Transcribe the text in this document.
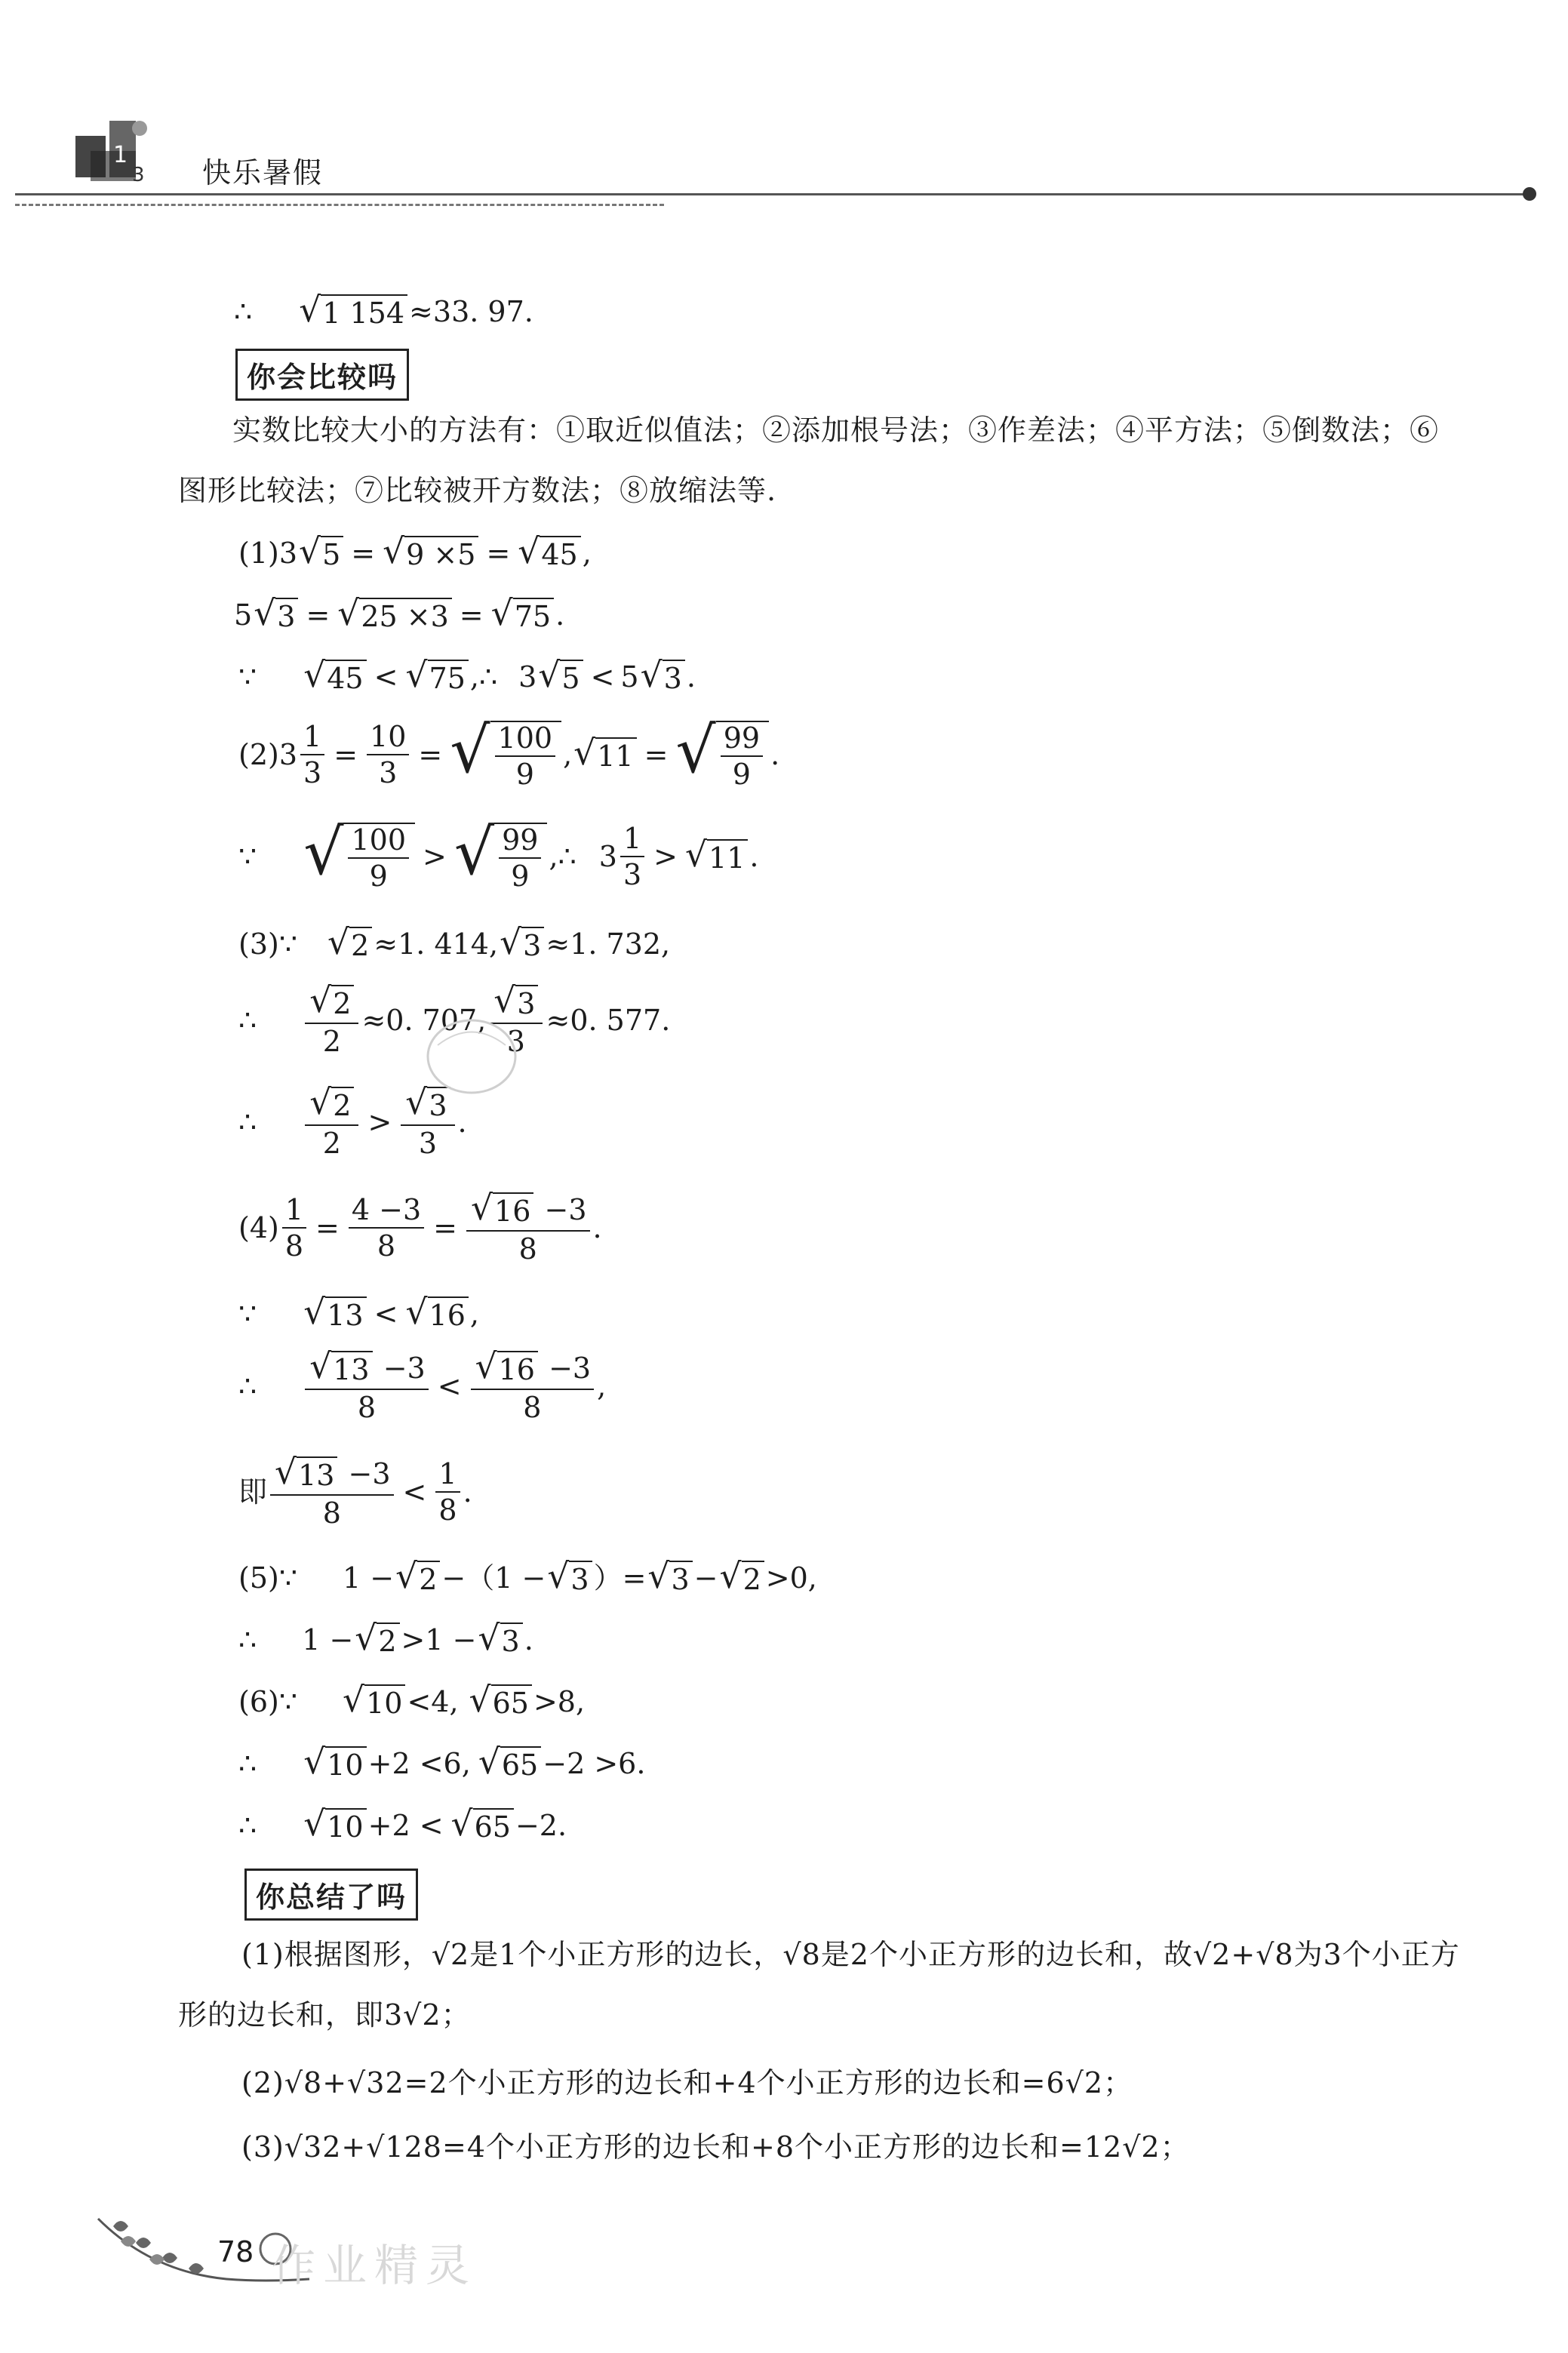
1
3 快乐暑假
∴ √ 1 154 ≈33. 97.
你会比较吗
实数比较大小的方法有：①取近似值法；②添加根号法；③作差法；④平方法；⑤倒数法；⑥图形比较法；⑦比较被开方数法；⑧放缩法等.
(1)3 √ 5 = √ 9 ×5 = √ 45 ,
5 √ 3 = √ 25 ×3 = √ 75 .
∵ √ 45 < √ 75 ,∴ 3 √ 5 < 5 √ 3 .
$(2)3 \frac{1}{3} = \frac{10}{3}$ = √ 100
9
, √ 11 = √ 99
9
.
∵ √ 100
9
> √ 99
9
,∴ 3
1
3
> √ 11 .
(3)∵ √ 2 ≈1. 414, √ 3 ≈1. 732,
∴ $\frac{√ 2}{2} \approx 0$. 707, $\frac{√ 3}{3} \approx 0$. 577.
∴ √ 2
2
> √ 3
3
.
$(4) \frac{1}{8} = \frac{4 -3}{8} = \frac{√ 16 -3}{8}$ .
∵ √ 13 < √ 16 ,
∴ √ 13 −3
8
< √ 16 −3
8
,
即 √ 13 −3
8
<
1
8
.
(5)∵ 1 − √ 2 −（1 − √ 3 ）= √ 3 − √ 2 >0,
∴ 1 − √ 2 >1 − √ 3 .
(6)∵ √ 10 <4, √ 65 >8,
∴ √ 10 +2 <6, √ 65 −2 >6.
∴ √ 10 +2 < √ 65 −2.
你总结了吗
(1)根据图形，√2是1个小正方形的边长，√8是2个小正方形的边长和，故√2+√8为3个小正方形的边长和，即3√2；
(2)√8+√32=2个小正方形的边长和+4个小正方形的边长和=6√2；
(3)√32+√128=4个小正方形的边长和+8个小正方形的边长和=12√2；
78 作业精灵
